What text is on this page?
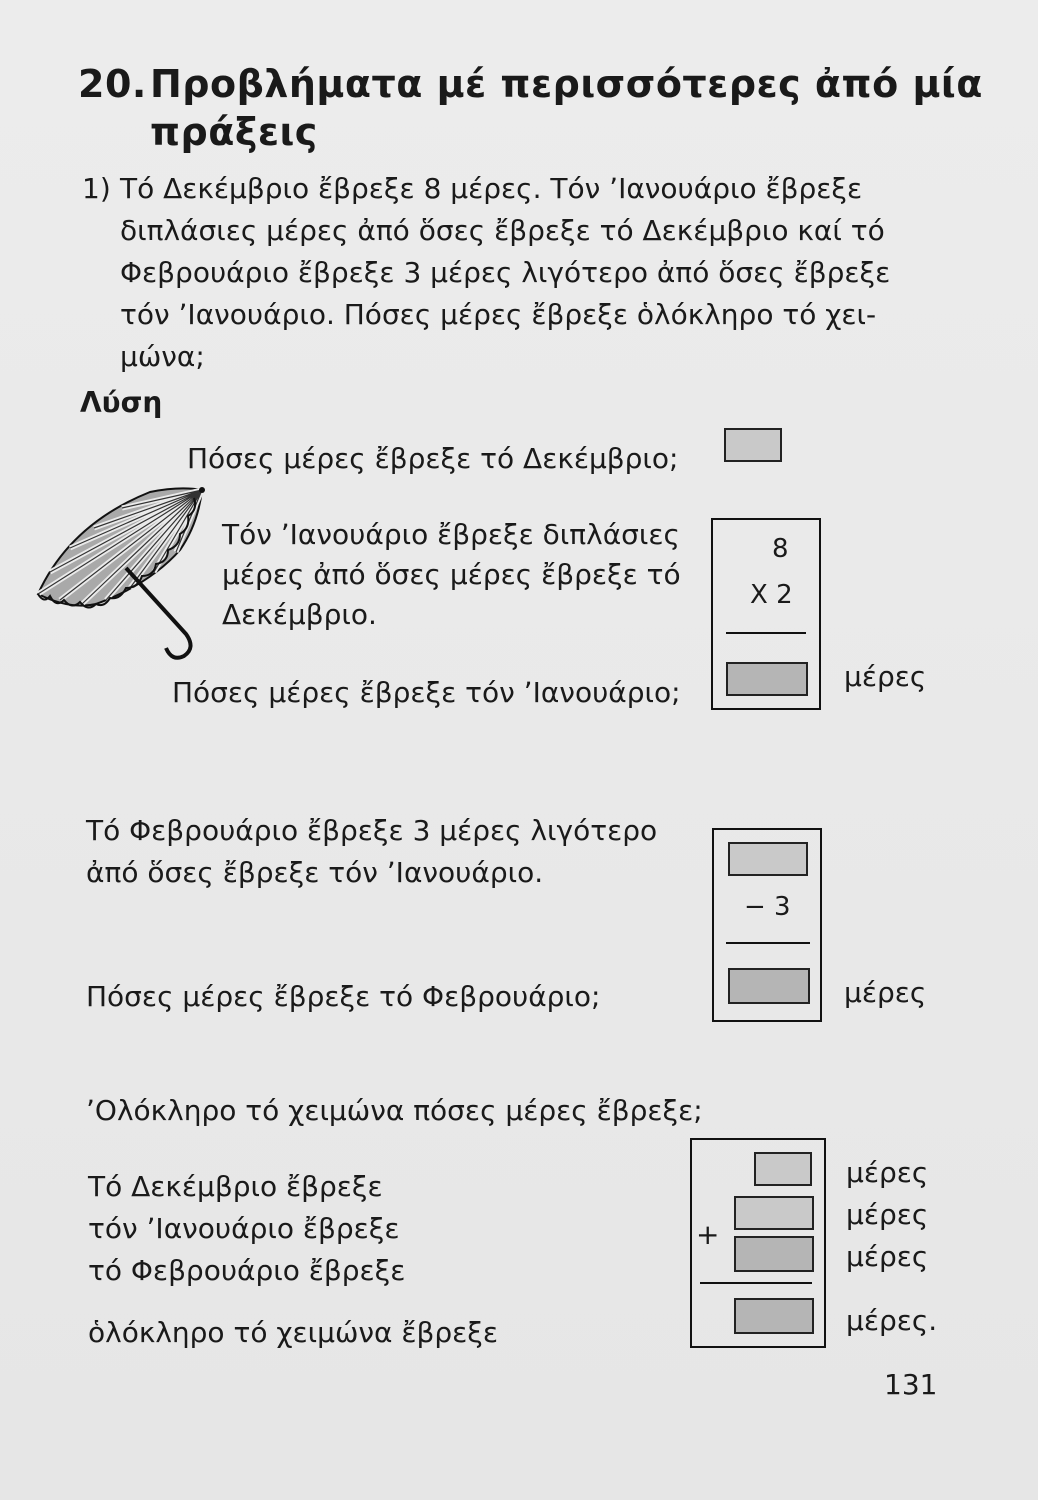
20. Προβλήματα μέ περισσότερες ἀπό μία
πράξεις
1) Τό Δεκέμβριο ἔβρεξε 8 μέρες. Τόν ʼΙανουάριο ἔβρεξε
διπλάσιες μέρες ἀπό ὅσες ἔβρεξε τό Δεκέμβριο καί τό
Φεβρουάριο ἔβρεξε 3 μέρες λιγότερο ἀπό ὅσες ἔβρεξε
τόν ʼΙανουάριο. Πόσες μέρες ἔβρεξε ὁλόκληρο τό χει-
μώνα;
Λύση
Πόσες μέρες ἔβρεξε τό Δεκέμβριο;
Τόν ʼΙανουάριο ἔβρεξε διπλάσιες
μέρες ἀπό ὅσες μέρες ἔβρεξε τό
Δεκέμβριο.
Πόσες μέρες ἔβρεξε τόν ʼΙανουάριο;
8
X 2
μέρες
Τό Φεβρουάριο ἔβρεξε 3 μέρες λιγότερο
ἀπό ὅσες ἔβρεξε τόν ʼΙανουάριο.
Πόσες μέρες ἔβρεξε τό Φεβρουάριο;
− 3
μέρες
ʼΟλόκληρο τό χειμώνα πόσες μέρες ἔβρεξε;
Τό Δεκέμβριο ἔβρεξε
τόν ʼΙανουάριο ἔβρεξε
τό Φεβρουάριο ἔβρεξε
ὁλόκληρο τό χειμώνα ἔβρεξε
+
μέρες
μέρες
μέρες
μέρες.
131
